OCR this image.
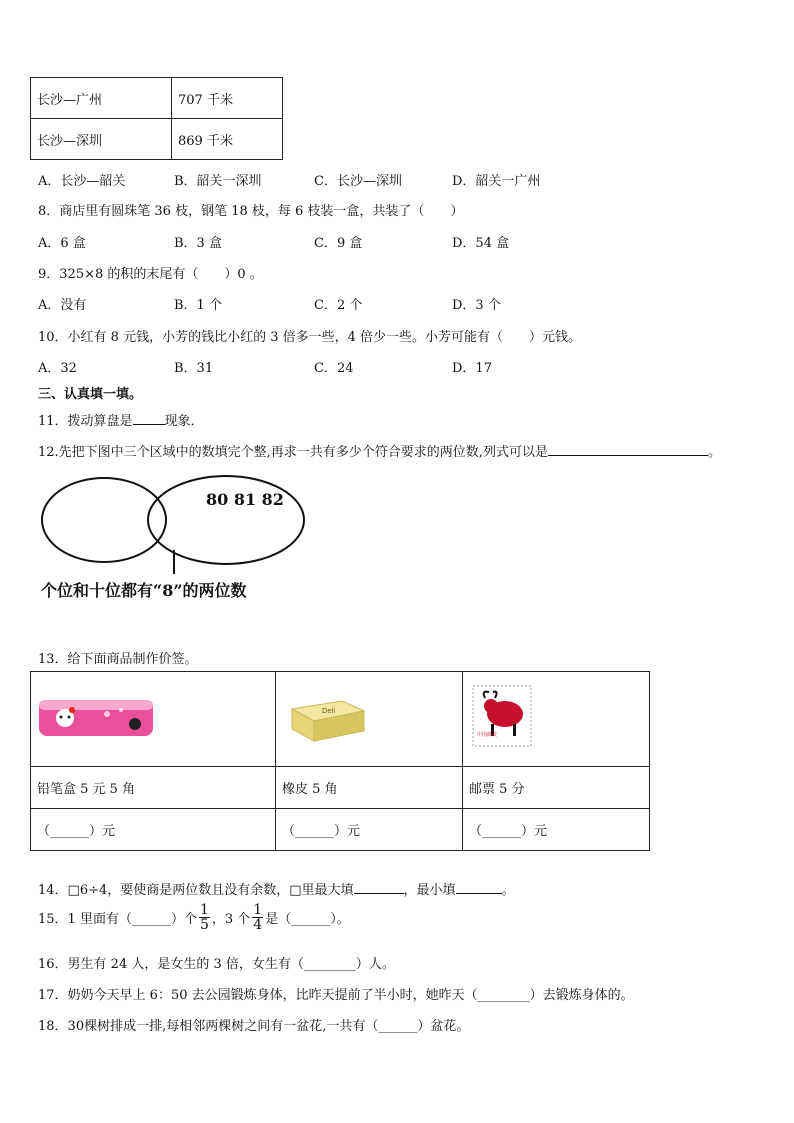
长沙—广州	707 千米
长沙—深圳	869 千米
A．长沙—韶关	B．韶关一深圳	C．长沙—深圳	D．韶关一广州
8．商店里有圆珠笔 36 枝，钢笔 18 枝，每 6 枝装一盒，共装了（　　）
A．6 盒	B．3 盒	C．9 盒	D．54 盒
9．325×8 的积的末尾有（　　）0 。
A．没有	B．1 个	C．2 个	D．3 个
10．小红有 8 元钱，小芳的钱比小红的 3 倍多一些，4 倍少一些。小芳可能有（　　）元钱。
A．32	B．31	C．24	D．17
三、认真填一填。
11．拨动算盘是 现象．
12.先把下图中三个区域中的数填完个整,再求一共有多少个符合要求的两位数,列式可以是	。
80 81 82
个位和十位都有“8”的两位数
13．给下面商品制作价签。

Deli	中国邮政

铅笔盒 5 元 5 角	橡皮 5 角	邮票 5 分
（______）元	（______）元	（______）元
14．□6÷4，要使商是两位数且没有余数，□里最大填	，最小填	。
15．1 里面有（______）个 $\frac{1}{5}$ ，3 个 $\frac{1}{4}$ 是（______）。
16．男生有 24 人，是女生的 3 倍，女生有（________）人。
17．奶奶今天早上 6：50 去公园锻炼身体，比昨天提前了半小时，她昨天（________）去锻炼身体的。
18．30棵树排成一排,每相邻两棵树之间有一盆花,一共有（______）盆花。
